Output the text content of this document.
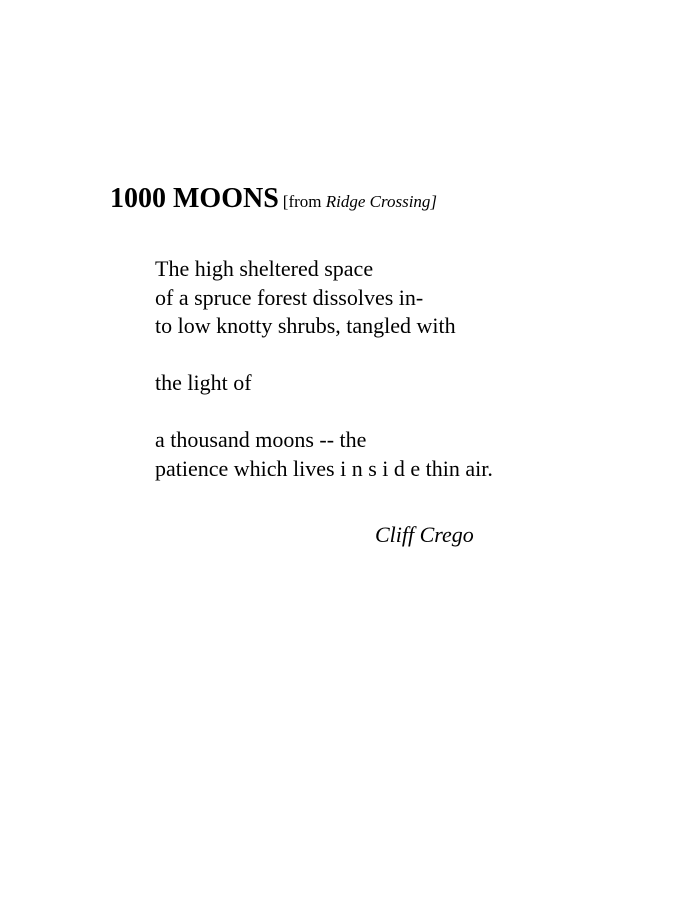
1000 MOONS [from Ridge Crossing]
The high sheltered space
of a spruce forest dissolves in-
to low knotty shrubs, tangled with
the light of
a thousand moons -- the
patience which lives i n s i d e thin air.
Cliff Crego
